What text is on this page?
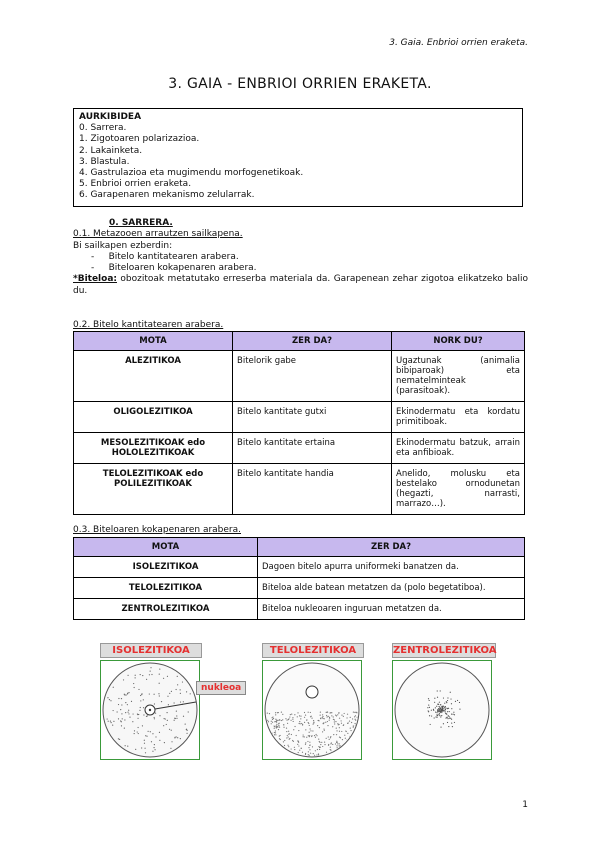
3. Gaia. Enbrioi orrien eraketa.
3. GAIA - ENBRIOI ORRIEN ERAKETA.
AURKIBIDEA
0. Sarrera.
1. Zigotoaren polarizazioa.
2. Lakainketa.
3. Blastula.
4. Gastrulazioa eta mugimendu morfogenetikoak.
5. Enbrioi orrien eraketa.
6. Garapenaren mekanismo zelularrak.
0. SARRERA.
0.1. Metazooen arrautzen sailkapena.
Bi sailkapen ezberdin:
-     Bitelo kantitatearen arabera.
-     Biteloaren kokapenaren arabera.
*Biteloa: obozitoak metatutako erreserba materiala da. Garapenean zehar zigotoa elikatzeko balio du.
0.2. Bitelo kantitatearen arabera.
MOTA	ZER DA?	NORK DU?
ALEZITIKOA	Bitelorik gabe	Ugaztunak (animalia bibiparoak) eta nematelminteak (parasitoak).
OLIGOLEZITIKOA	Bitelo kantitate gutxi	Ekinodermatu eta kordatu primitiboak.
MESOLEZITIKOAK edo HOLOLEZITIKOAK	Bitelo kantitate ertaina	Ekinodermatu batzuk, arrain eta anfibioak.
TELOLEZITIKOAK edo POLILEZITIKOAK	Bitelo kantitate handia	Anelido, molusku eta bestelako ornodunetan (hegazti, narrasti, marrazo…).
0.3. Biteloaren kokapenaren arabera.
MOTA	ZER DA?
ISOLEZITIKOA	Dagoen bitelo apurra uniformeki banatzen da.
TELOLEZITIKOA	Biteloa alde batean metatzen da (polo begetatiboa).
ZENTROLEZITIKOA	Biteloa nukleoaren inguruan metatzen da.
ISOLEZITIKOA
nukleoa
TELOLEZITIKOA	ZENTROLEZITIKOA
1
